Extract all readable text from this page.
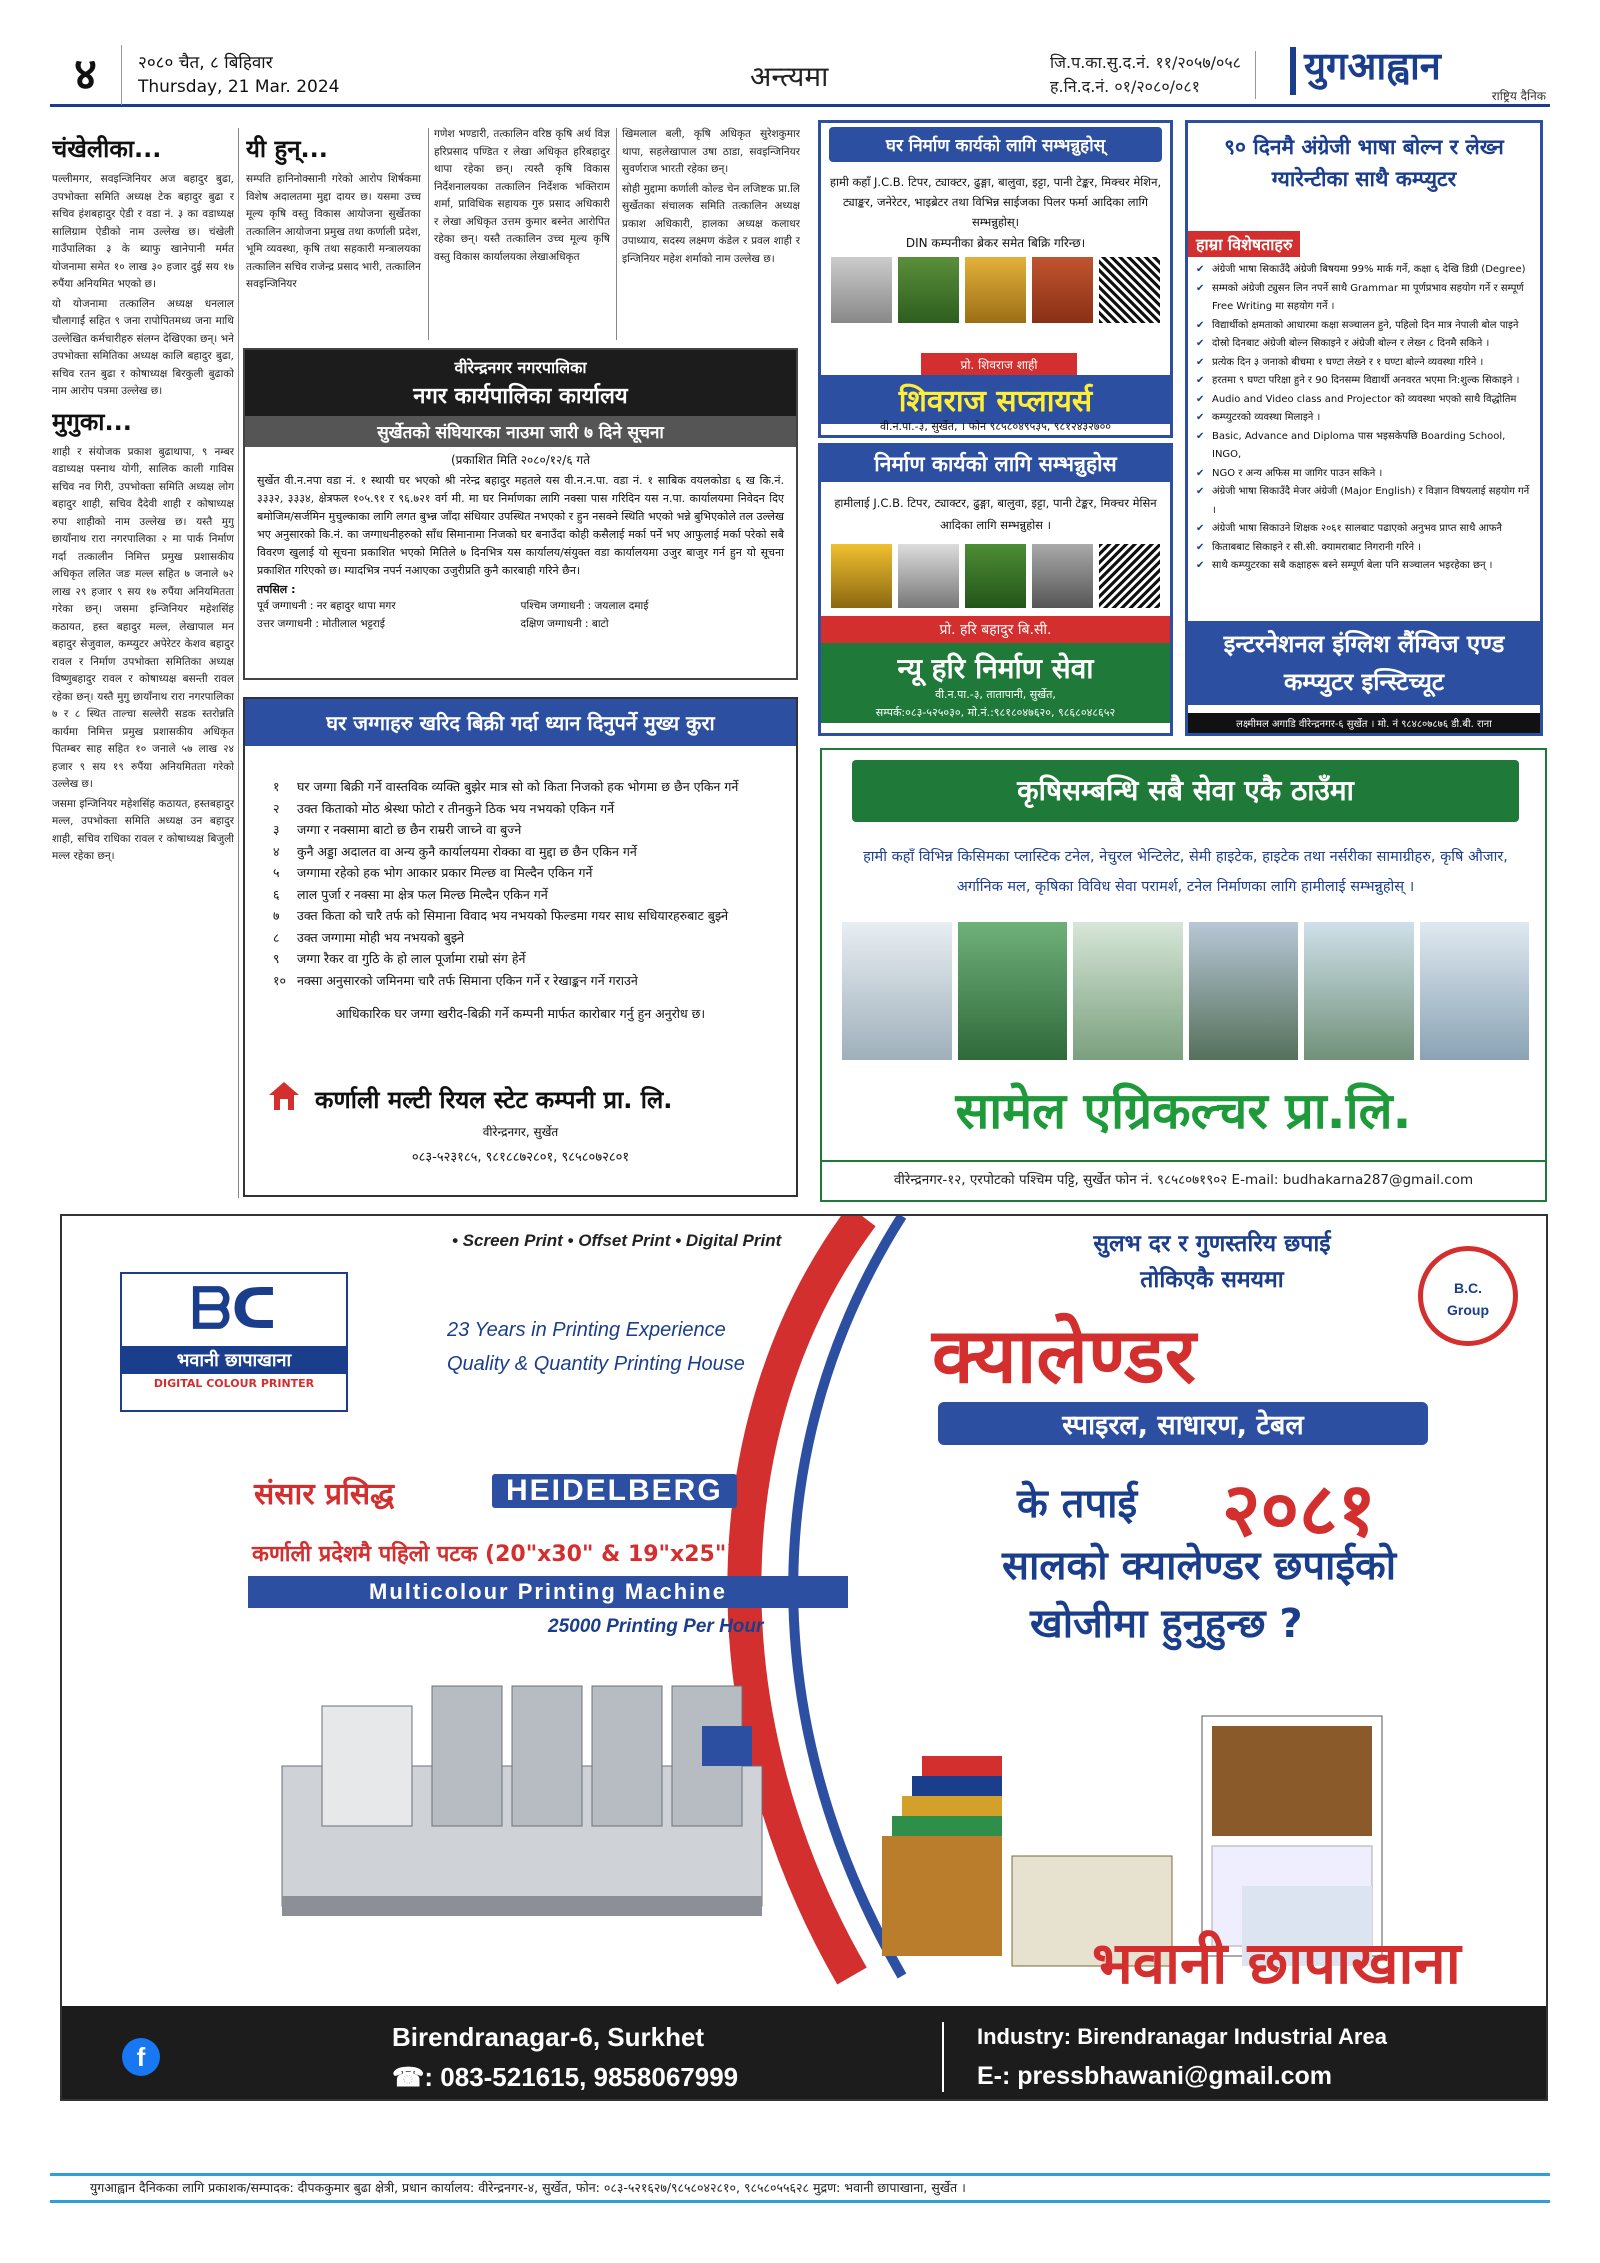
४	२०८० चैत, ८ बिहिवार
Thursday, 21 Mar. 2024	अन्त्यमा	जि.प.का.सु.द.नं. ११/२०५७/०५८
ह.नि.द.नं. ०१/२०८०/०८१	युगआह्वान
राष्ट्रिय दैनिक
चंखेलीका...

पल्लीमगर, सवइन्जिनियर अज बहादुर बुढा, उपभोक्ता समिति अध्यक्ष टेक बहादुर बुढा र सचिव हंशबहादुर ऐडी र वडा नं. ३ का वडाध्यक्ष सालिग्राम ऐडीको नाम उल्लेख छ। चंखेली गाउँपालिका ३ के ब्याफु खानेपानी मर्मत योजनामा समेत १० लाख ३० हजार दुई सय १७ रुपैंया अनियमित भएको छ।

यो योजनामा तत्कालिन अध्यक्ष धनलाल चौलागाईं सहित ९ जना रापोपितमध्य जना माथि उल्लेखित कर्मचारीहरु संलग्न देखिएका छन्। भने उपभोक्ता समितिका अध्यक्ष कालि बहादुर बुढा, सचिव रतन बुढा र कोषाध्यक्ष बिरकुली बुढाको नाम आरोप पत्रमा उल्लेख छ।

मुगुका...

शाही र संयोजक प्रकाश बुढाथापा, ९ नम्बर वडाध्यक्ष पस्नाथ योगी, सालिक काली गाविस सचिव नव गिरी, उपभोक्ता समिति अध्यक्ष लोग बहादुर शाही, सचिव दैदेवी शाही र कोषाध्यक्ष रुपा शाहीको नाम उल्लेख छ। यस्तै मुगु छायाँनाथ रारा नगरपालिका २ मा पार्क निर्माण गर्दा तत्कालीन निमित्त प्रमुख प्रशासकीय अधिकृत ललित जङ मल्ल सहित ७ जनाले ७२ लाख २९ हजार ९ सय १७ रुपैंया अनियमितता गरेका छन्। जसमा इन्जिनियर महेशसिंह कठायत, हस्त बहादुर मल्ल, लेखापाल मन बहादुर सेजुवाल, कम्प्युटर अपेरेटर केशव बहादुर रावल र निर्माण उपभोक्ता समितिका अध्यक्ष विष्णुबहादुर रावल र कोषाध्यक्ष बसन्ती रावल रहेका छन्। यस्तै मुगु छायाँनाथ रारा नगरपालिका ७ र ८ स्थित ताल्चा सल्लेरी सडक स्तरोन्नति कार्यमा निमित्त प्रमुख प्रशासकीय अधिकृत पितम्बर साह सहित १० जनाले ५७ लाख २४ हजार ९ सय १९ रुपैंया अनियमितता गरेको उल्लेख छ।

जसमा इन्जिनियर महेशसिंह कठायत, हस्तबहादुर मल्ल, उपभोक्ता समिति अध्यक्ष उन बहादुर शाही, सचिव राधिका रावल र कोषाध्यक्ष बिजुली मल्ल रहेका छन्।

यी हुन्...

सम्पति हानिनोक्सानी गरेको आरोप शिर्षकमा विशेष अदालतमा मुद्दा दायर छ। यसमा उच्च मूल्य कृषि वस्तु विकास आयोजना सुर्खेतका तत्कालिन आयोजना प्रमुख तथा कर्णाली प्रदेश, भूमि व्यवस्था, कृषि तथा सहकारी मन्त्रालयका तत्कालिन सचिव राजेन्द्र प्रसाद भारी, तत्कालिन सवइन्जिनियर

गणेश भण्डारी, तत्कालिन वरिष्ठ कृषि अर्थ विज्ञ हरिप्रसाद पण्डित र लेखा अधिकृत हरिबहादुर थापा रहेका छन्। त्यस्तै कृषि विकास निर्देशनालयका तत्कालिन निर्देशक भक्तिराम शर्मा, प्राविधिक सहायक गुरु प्रसाद अधिकारी र लेखा अधिकृत उत्तम कुमार बस्नेत आरोपित रहेका छन्। यस्तै तत्कालिन उच्च मूल्य कृषि वस्तु विकास कार्यालयका लेखाअधिकृत

खिमलाल बली, कृषि अधिकृत सुरेशकुमार थापा, सहलेखापाल उषा ठाडा, सवइन्जिनियर सुवर्णराज भारती रहेका छन्।

सोही मुद्दामा कर्णाली कोल्ड चेन लजिष्टक प्रा.लि सुर्खेतका संचालक समिति तत्कालिन अध्यक्ष प्रकाश अधिकारी, हालका अध्यक्ष कलाधर उपाध्याय, सदस्य लक्ष्मण कंडेल र प्रवल शाही र इन्जिनियर महेश शर्माको नाम उल्लेख छ।

वीरेन्द्रनगर नगरपालिका
नगर कार्यपालिका कार्यालय
सुर्खेतको संघियारका नाउमा जारी ७ दिने सूचना
(प्रकाशित मिति २०८०/१२/६ गते
सुर्खेत वी.न.नपा वडा नं. १ स्थायी घर भएको श्री नरेन्द्र बहादुर महतले यस वी.न.न.पा. वडा नं. १ साबिक वयलकोडा ६ ख कि.नं. ३३३२, ३३३४, क्षेत्रफल १०५.९१ र ९६.७२१ वर्ग मी. मा घर निर्माणका लागि नक्सा पास गरिदिन यस न.पा. कार्यालयमा निवेदन दिए बमोजिम/सर्जमिन मुचुल्काका लागि लगत बुभ्न्न जाँदा संधियार उपस्थित नभएको र हुन नसक्ने स्थिति भएको भन्ने बुभिएकोले तल उल्लेख भए अनुसारको कि.नं. का जग्गाधनीहरुको साँध सिमानामा निजको घर बनाउँदा कोही कसैलाई मर्का पर्ने भए आफुलाई मर्का परेको सबै विवरण खुलाई यो सूचना प्रकाशित भएको मितिले ७ दिनभित्र यस कार्यालय/संयुक्त वडा कार्यालयमा उजुर बाजुर गर्न हुन यो सूचना प्रकाशित गरिएको छ। म्यादभित्र नपर्न नआएका उजुरीप्रति कुनै कारबाही गरिने छैन।
तपसिल :
पूर्व जग्गाधनी : नर बहादुर थापा मगर	पश्चिम जग्गाधनी : जयलाल दमाई
उत्तर जग्गाधनी : मोतीलाल भट्टराई	दक्षिण जग्गाधनी : बाटो
घर जग्गाहरु खरिद बिक्री गर्दा ध्यान दिनुपर्ने मुख्य कुरा
१ घर जग्गा बिक्री गर्ने वास्तविक व्यक्ति बुझेर मात्र सो को किता निजको हक भोगमा छ छैन एकिन गर्ने
२ उक्त किताको मोठ श्रेस्था फोटो र तीनकुने ठिक भय नभयको एकिन गर्ने
३ जग्गा र नक्सामा बाटो छ छैन राम्ररी जाच्ने वा बुज्ने
४ कुनै अड्डा अदालत वा अन्य कुनै कार्यालयमा रोक्का वा मुद्दा छ छैन एकिन गर्ने
५ जग्गामा रहेको हक भोग आकार प्रकार मिल्छ वा मिल्दैन एकिन गर्ने
६ लाल पुर्जा र नक्सा मा क्षेत्र फल मिल्छ मिल्दैन एकिन गर्ने
७ उक्त किता को चारै तर्फ को सिमाना विवाद भय नभयको फिल्डमा गयर साध सधियारहरुबाट बुझ्ने
८ उक्त जग्गामा मोही भय नभयको बुझ्ने
९ जग्गा रैकर वा गुठि के हो लाल पूर्जामा राम्रो संग हेर्ने
१० नक्सा अनुसारको जमिनमा चारै तर्फ सिमाना एकिन गर्ने र रेखाङ्कन गर्ने गराउने
आधिकारिक घर जग्गा खरीद-बिक्री गर्ने कम्पनी मार्फत कारोबार गर्नु हुन अनुरोध छ।
कर्णाली मल्टी रियल स्टेट कम्पनी प्रा. लि.
वीरेन्द्रनगर, सुर्खेत
०८३-५२३१८५, ९८१८८७२८०१, ९८५८०७२८०१
घर निर्माण कार्यको लागि सम्भन्नुहोस्
हामी कहाँ J.C.B. टिपर, ट्याक्टर, ढुङ्गा, बालुवा, इट्टा, पानी टेङ्कर, मिक्चर मेशिन, ट्याङ्कर, जनेरेटर, भाइब्रेटर तथा विभिन्न साईजका पिलर फर्मा आदिका लागि सम्भन्नुहोस्।
DIN कम्पनीका ब्रेकर समेत बिक्रि गरिन्छ।
प्रो. शिवराज शाही
शिवराज सप्लायर्स
वी.न.पा.-३, सुर्खेत, । फोन ९८५८०४९५३५, ९८१२४३२७००
निर्माण कार्यको लागि सम्भन्नुहोस
हामीलाई J.C.B. टिपर, ट्याक्टर, ढुङ्गा, बालुवा, इट्टा, पानी टेङ्कर, मिक्चर मेसिन आदिका लागि सम्भन्नुहोस ।
प्रो. हरि बहादुर बि.सी.
न्यू हरि निर्माण सेवा
वी.न.पा.-३, तातापानी, सुर्खेत,
सम्पर्क:०८३-५२५०३०, मो.नं.:९८१८०४७६२०, ९८६८०४८६५२
९० दिनमै अंग्रेजी भाषा बोल्न र लेख्न ग्यारेन्टीका साथै कम्प्युटर
हाम्रा विशेषताहरु
✔ अंग्रेजी भाषा सिकाउँदै अंग्रेजी बिषयमा 99% मार्क गर्ने, कक्षा ६ देखि डिग्री (Degree)
✔ सम्मको अंग्रेजी ट्युसन लिन नपर्ने साथै Grammar मा पूर्णप्रभाव सहयोग गर्ने र सम्पूर्ण Free Writing मा सहयोग गर्ने ।
✔ विद्यार्थीको क्षमताको आधारमा कक्षा सञ्चालन हुने, पहिलो दिन मात्र नेपाली बोल पाइने
✔ दोस्रो दिनबाट अंग्रेजी बोल्न सिकाइने र अंग्रेजी बोल्न र लेख्न ८ दिनमै सकिने ।
✔ प्रत्येक दिन ३ जनाको बीचमा १ घण्टा लेख्ने र १ घण्टा बोल्ने व्यवस्था गरिने ।
✔ हरतमा ९ घण्टा परिक्षा हुने र 90 दिनसम्म विद्यार्थी अनवरत भएमा नि:शुल्क सिकाइने ।
✔ Audio and Video class and Projector को व्यवस्था भएको साथै विद्धोतिम
✔ कम्प्युटरको व्यवस्था मिलाइने ।
✔ Basic, Advance and Diploma पास भइसकेपछि Boarding School, INGO,
✔ NGO र अन्य अफिस मा जागिर पाउन सकिने ।
✔ अंग्रेजी भाषा सिकाउँदै मेजर अंग्रेजी (Major English) र विज्ञान विषयलाई सहयोग गर्ने ।
✔ अंग्रेजी भाषा सिकाउने शिक्षक २०६१ सालबाट पढाएको अनुभव प्राप्त साथै आफनै
✔ किताबबाट सिकाइने र सी.सी. क्यामराबाट निगरानी गरिने ।
✔ साथै कम्प्युटरका सबै कक्षाहरू बस्ने सम्पूर्ण बेला पनि सञ्चालन भइरहेका छन् ।
इन्टरनेशनल इंग्लिश लैंग्विज एण्ड कम्प्युटर इन्स्टिच्यूट
लक्ष्मीमल अगाडि वीरेन्द्रनगर-६ सुर्खेत । मो. नं ९८४८०७८७६ डी.बी. राना
कृषिसम्बन्धि सबै सेवा एकै ठाउँमा
हामी कहाँ विभिन्न किसिमका प्लास्टिक टनेल, नेचुरल भेन्टिलेट, सेमी हाइटेक, हाइटेक तथा नर्सरीका सामाग्रीहरु, कृषि औजार, अर्गानिक मल, कृषिका विविध सेवा परामर्श, टनेल निर्माणका लागि हामीलाई सम्भन्नुहोस् ।
सामेल एग्रिकल्चर प्रा.लि.
वीरेन्द्रनगर-१२, एरपोटको पश्चिम पट्टि, सुर्खेत फोन नं. ९८५८०७१९०२ E-mail: budhakarna287@gmail.com
• Screen Print • Offset Print • Digital Print
ᗷᑕ
भवानी छापाखाना
DIGITAL COLOUR PRINTER
23 Years in Printing Experience
Quality & Quantity Printing House
सुलभ दर र गुणस्तरिय छपाई
तोकिएकै समयमा	B.C.
Group
क्यालेण्डर
स्पाइरल, साधारण, टेबल
संसार प्रसिद्ध	HEIDELBERG
कर्णाली प्रदेशमै पहिलो पटक (20"x30" & 19"x25")
Multicolour Printing Machine
25000 Printing Per Hour
के तपाई २०८१
सालको क्यालेण्डर छपाईको
खोजीमा हुनुहुन्छ ?
भवानी छापाखाना
f
Birendranagar-6, Surkhet
☎: 083-521615, 9858067999
Industry: Birendranagar Industrial Area
E-: pressbhawani@gmail.com
युगआह्वान दैनिकका लागि प्रकाशक/सम्पादक: दीपककुमार बुढा क्षेत्री, प्रधान कार्यालय: वीरेन्द्रनगर-४, सुर्खेत, फोन: ०८३-५२१६२७/९८५८०४२८१०, ९८५८०५५६२८ मुद्रण: भवानी छापाखाना, सुर्खेत ।
